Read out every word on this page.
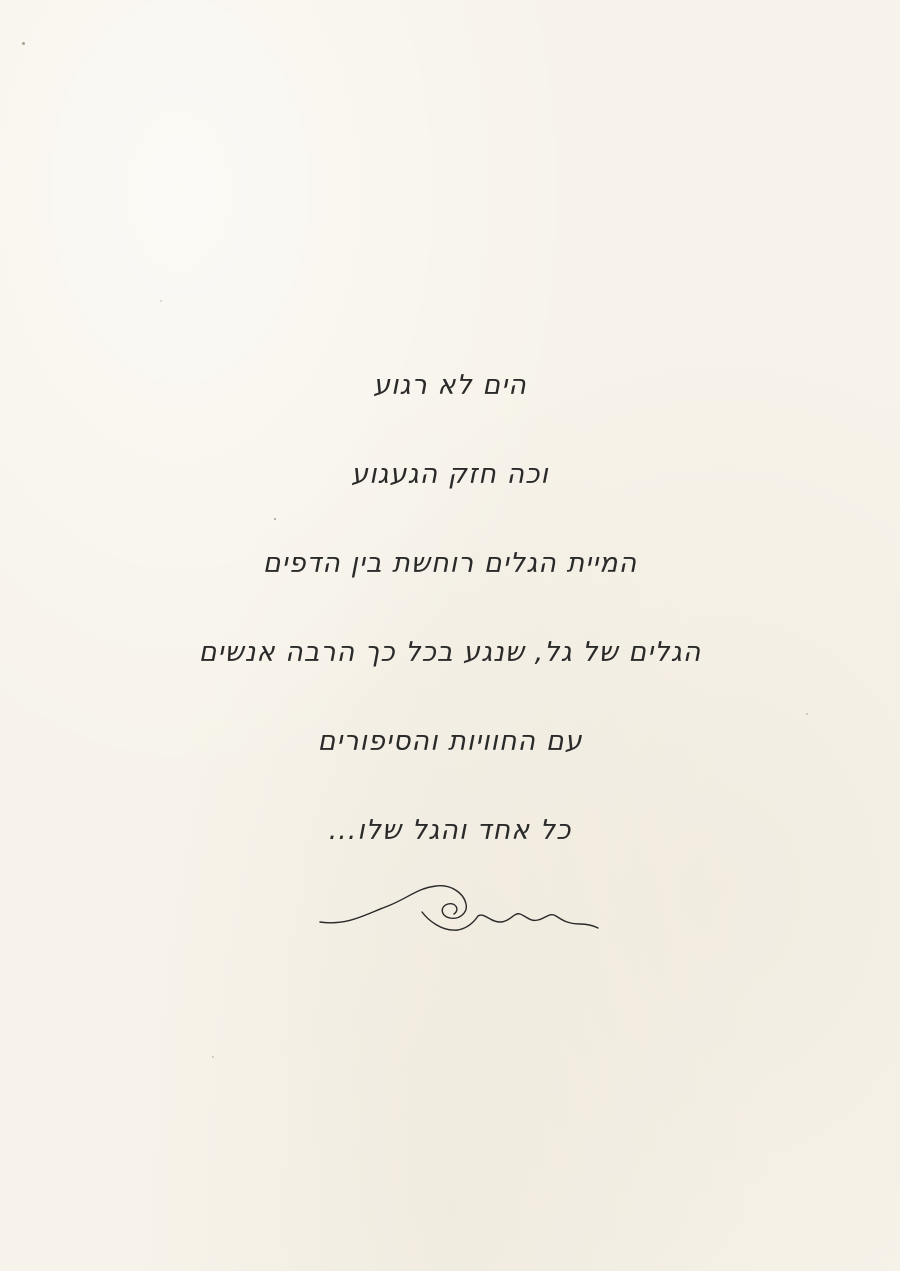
הים לא רגוע
וכה חזק הגעגוע
המיית הגלים רוחשת בין הדפים
הגלים של גל, שנגע בכל כך הרבה אנשים
עם החוויות והסיפורים
כל אחד והגל שלו...
